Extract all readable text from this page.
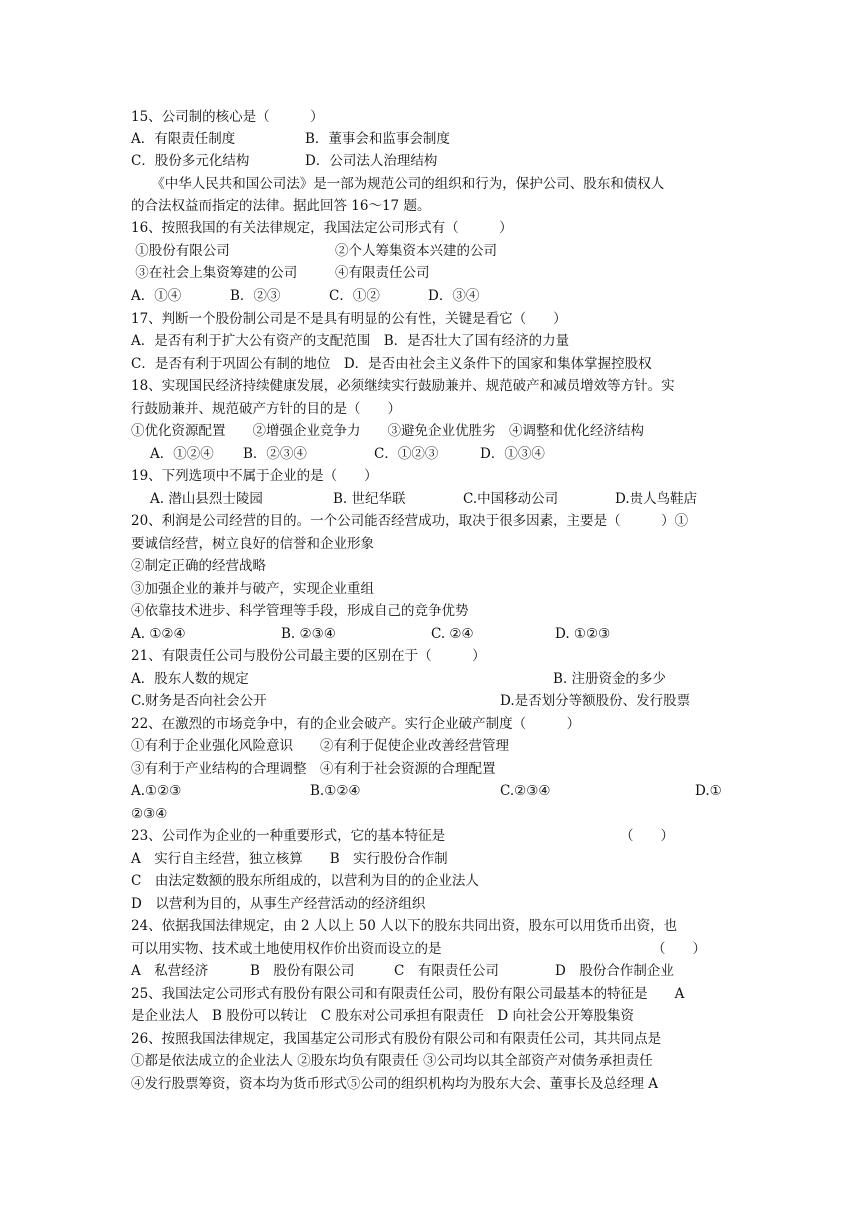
15、公司制的核心是（　　　）
A．有限责任制度	B．董事会和监事会制度
C．股份多元化结构	D．公司法人治理结构
　　《中华人民共和国公司法》是一部为规范公司的组织和行为，保护公司、股东和债权人
的合法权益而指定的法律。据此回答 16～17 题。
16、按照我国的有关法律规定，我国法定公司形式有（　　　）
①股份有限公司	②个人筹集资本兴建的公司
③在社会上集资筹建的公司	④有限责任公司
A．①④	B．②③	C．①②	D．③④
17、判断一个股份制公司是不是具有明显的公有性，关键是看它（　　）
A．是否有利于扩大公有资产的支配范围　B．是否壮大了国有经济的力量
C．是否有利于巩固公有制的地位　D．是否由社会主义条件下的国家和集体掌握控股权
18、实现国民经济持续健康发展，必须继续实行鼓励兼并、规范破产和减员增效等方针。实
行鼓励兼并、规范破产方针的目的是（　　）
①优化资源配置　　②增强企业竞争力　　③避免企业优胜劣　④调整和优化经济结构
A．①②④ B．②③④	C．①②③	D．①③④
19、下列选项中不属于企业的是（　　）
A. 潜山县烈士陵园	B. 世纪华联	C.中国移动公司	D.贵人鸟鞋店
20、利润是公司经营的目的。一个公司能否经营成功，取决于很多因素，主要是（　　　）①
要诚信经营，树立良好的信誉和企业形象
②制定正确的经营战略
③加强企业的兼并与破产，实现企业重组
④依靠技术进步、科学管理等手段，形成自己的竞争优势
A. ①②④	B. ②③④	C. ②④	D. ①②③
21、有限责任公司与股份公司最主要的区别在于（　　　）
A．股东人数的规定	B. 注册资金的多少
C.财务是否向社会公开	D.是否划分等额股份、发行股票
22、在激烈的市场竞争中，有的企业会破产。实行企业破产制度（　　　）
①有利于企业强化风险意识　　②有利于促使企业改善经营管理
③有利于产业结构的合理调整　④有利于社会资源的合理配置
A.①②③	B.①②④	C.②③④	D.①
②③④
23、公司作为企业的一种重要形式，它的基本特征是	（　　）
A　实行自主经营，独立核算　　B　实行股份合作制
C　由法定数额的股东所组成的，以营利为目的的企业法人
D　以营利为目的，从事生产经营活动的经济组织
24、依据我国法律规定，由 2 人以上 50 人以下的股东共同出资，股东可以用货币出资，也
可以用实物、技术或土地使用权作价出资而设立的是	（　　）
A　私营经济	B　股份有限公司	C　有限责任公司	D　股份合作制企业
25、我国法定公司形式有股份有限公司和有限责任公司，股份有限公司最基本的特征是　　A
是企业法人　B 股份可以转让　C 股东对公司承担有限责任　D 向社会公开筹股集资
26、按照我国法律规定，我国基定公司形式有股份有限公司和有限责任公司，其共同点是
①都是依法成立的企业法人 ②股东均负有限责任 ③公司均以其全部资产对债务承担责任
④发行股票筹资，资本均为货币形式⑤公司的组织机构均为股东大会、董事长及总经理 A
